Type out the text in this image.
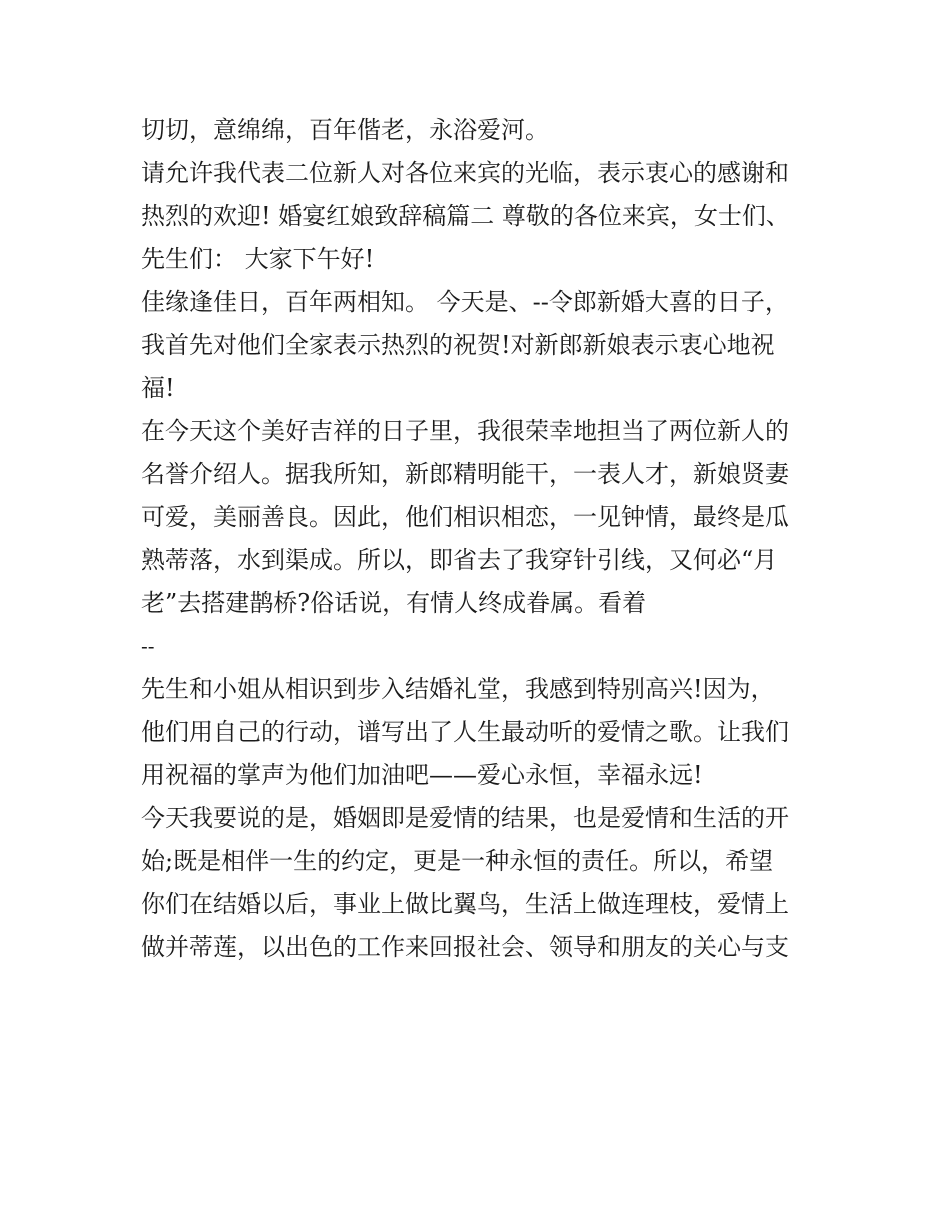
切切，意绵绵，百年偕老，永浴爱河。
请允许我代表二位新人对各位来宾的光临，表示衷心的感谢和
热烈的欢迎! 婚宴红娘致辞稿篇二 尊敬的各位来宾，女士们、
先生们： 大家下午好!
佳缘逢佳日，百年两相知。 今天是、--令郎新婚大喜的日子，
我首先对他们全家表示热烈的祝贺!对新郎新娘表示衷心地祝
福!
在今天这个美好吉祥的日子里，我很荣幸地担当了两位新人的
名誉介绍人。据我所知，新郎精明能干，一表人才，新娘贤妻
可爱，美丽善良。因此，他们相识相恋，一见钟情，最终是瓜
熟蒂落，水到渠成。所以，即省去了我穿针引线，又何必“月
老”去搭建鹊桥?俗话说，有情人终成眷属。看着
--
先生和小姐从相识到步入结婚礼堂，我感到特别高兴!因为，
他们用自己的行动，谱写出了人生最动听的爱情之歌。让我们
用祝福的掌声为他们加油吧——爱心永恒，幸福永远!
今天我要说的是，婚姻即是爱情的结果，也是爱情和生活的开
始;既是相伴一生的约定，更是一种永恒的责任。所以，希望
你们在结婚以后，事业上做比翼鸟，生活上做连理枝，爱情上
做并蒂莲，以出色的工作来回报社会、领导和朋友的关心与支
